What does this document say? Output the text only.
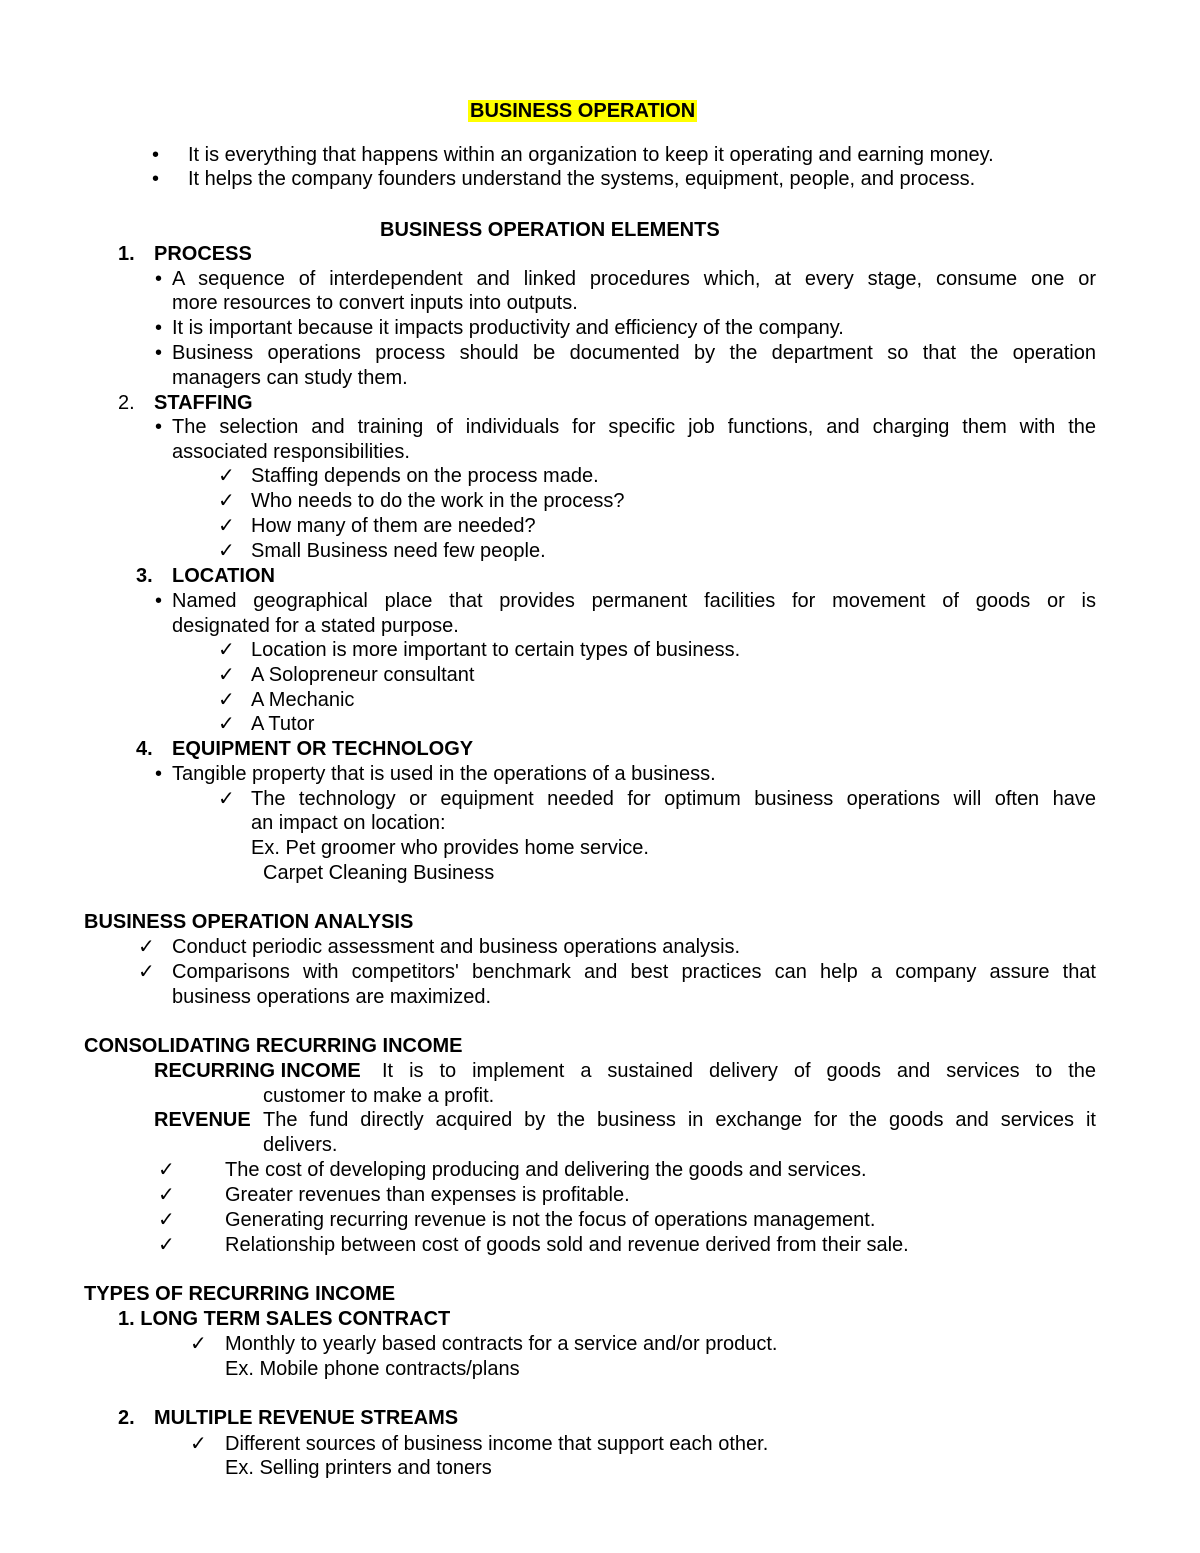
BUSINESS OPERATION
• It is everything that happens within an organization to keep it operating and earning money.
• It helps the company founders understand the systems, equipment, people, and process.
BUSINESS OPERATION ELEMENTS
1. PROCESS
• A sequence of interdependent and linked procedures which, at every stage, consume one or
more resources to convert inputs into outputs.
• It is important because it impacts productivity and efficiency of the company.
• Business operations process should be documented by the department so that the operation
managers can study them.
2. STAFFING
• The selection and training of individuals for specific job functions, and charging them with the
associated responsibilities.
✓ Staffing depends on the process made.
✓ Who needs to do the work in the process?
✓ How many of them are needed?
✓ Small Business need few people.
3. LOCATION
• Named geographical place that provides permanent facilities for movement of goods or is
designated for a stated purpose.
✓ Location is more important to certain types of business.
✓ A Solopreneur consultant
✓ A Mechanic
✓ A Tutor
4. EQUIPMENT OR TECHNOLOGY
• Tangible property that is used in the operations of a business.
✓ The technology or equipment needed for optimum business operations will often have
an impact on location:
Ex. Pet groomer who provides home service.
Carpet Cleaning Business
BUSINESS OPERATION ANALYSIS
✓ Conduct periodic assessment and business operations analysis.
✓ Comparisons with competitors' benchmark and best practices can help a company assure that
business operations are maximized.
CONSOLIDATING RECURRING INCOME
RECURRING INCOME It is to implement a sustained delivery of goods and services to the
customer to make a profit.
REVENUE The fund directly acquired by the business in exchange for the goods and services it
delivers.
✓	The cost of developing producing and delivering the goods and services.
✓	Greater revenues than expenses is profitable.
✓	Generating recurring revenue is not the focus of operations management.
✓	Relationship between cost of goods sold and revenue derived from their sale.
TYPES OF RECURRING INCOME
1. LONG TERM SALES CONTRACT
✓ Monthly to yearly based contracts for a service and/or product.
Ex. Mobile phone contracts/plans
2. MULTIPLE REVENUE STREAMS
✓ Different sources of business income that support each other.
Ex. Selling printers and toners
